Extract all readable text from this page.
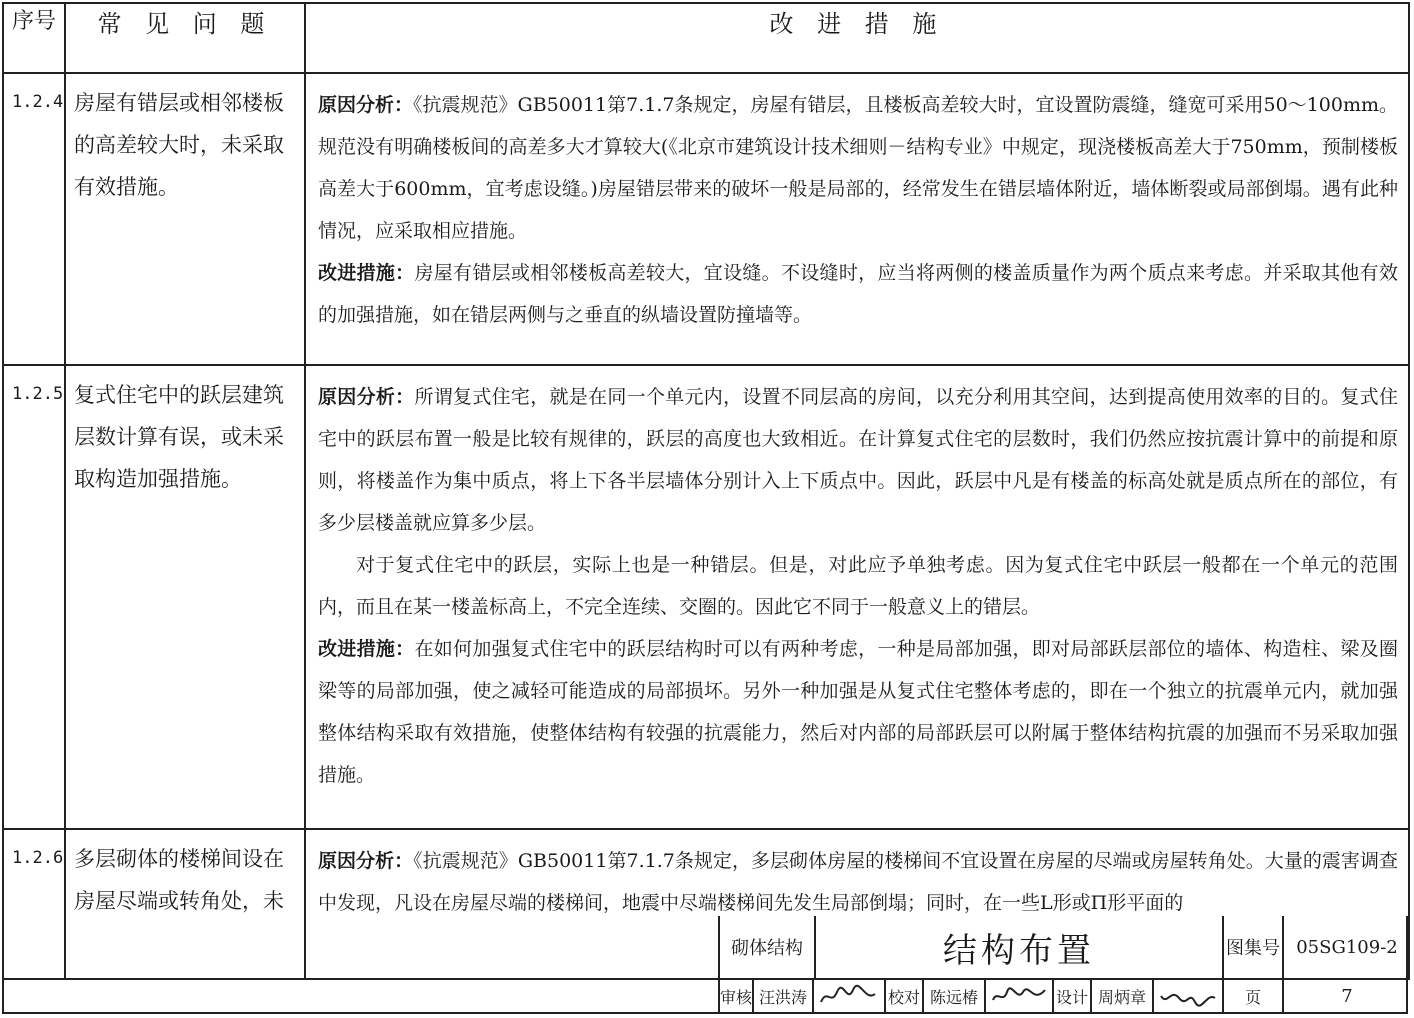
序号	常 见 问 题	改 进 措 施
1.2.4	房屋有错层或相邻楼板的高差较大时，未采取有效措施。	原因分析：《抗震规范》GB50011第7.1.7条规定，房屋有错层，且楼板高差较大时，宜设置防震缝，缝宽可采用50～100mm。规范没有明确楼板间的高差多大才算较大(《北京市建筑设计技术细则－结构专业》中规定，现浇楼板高差大于750mm，预制楼板高差大于600mm，宜考虑设缝。)房屋错层带来的破坏一般是局部的，经常发生在错层墙体附近，墙体断裂或局部倒塌。遇有此种情况，应采取相应措施。

改进措施：房屋有错层或相邻楼板高差较大，宜设缝。不设缝时，应当将两侧的楼盖质量作为两个质点来考虑。并采取其他有效的加强措施，如在错层两侧与之垂直的纵墙设置防撞墙等。

1.2.5	复式住宅中的跃层建筑层数计算有误，或未采取构造加强措施。	原因分析：所谓复式住宅，就是在同一个单元内，设置不同层高的房间，以充分利用其空间，达到提高使用效率的目的。复式住宅中的跃层布置一般是比较有规律的，跃层的高度也大致相近。在计算复式住宅的层数时，我们仍然应按抗震计算中的前提和原则，将楼盖作为集中质点，将上下各半层墙体分别计入上下质点中。因此，跃层中凡是有楼盖的标高处就是质点所在的部位，有多少层楼盖就应算多少层。

对于复式住宅中的跃层，实际上也是一种错层。但是，对此应予单独考虑。因为复式住宅中跃层一般都在一个单元的范围内，而且在某一楼盖标高上，不完全连续、交圈的。因此它不同于一般意义上的错层。

改进措施：在如何加强复式住宅中的跃层结构时可以有两种考虑，一种是局部加强，即对局部跃层部位的墙体、构造柱、梁及圈梁等的局部加强，使之减轻可能造成的局部损坏。另外一种加强是从复式住宅整体考虑的，即在一个独立的抗震单元内，就加强整体结构采取有效措施，使整体结构有较强的抗震能力，然后对内部的局部跃层可以附属于整体结构抗震的加强而不另采取加强措施。

1.2.6	多层砌体的楼梯间设在房屋尽端或转角处，未	原因分析：《抗震规范》GB50011第7.1.7条规定，多层砌体房屋的楼梯间不宜设置在房屋的尽端或房屋转角处。大量的震害调查中发现，凡设在房屋尽端的楼梯间，地震中尽端楼梯间先发生局部倒塌；同时，在一些L形或Π形平面的

砌体结构	结构布置	图集号 05SG109-2
审核 汪洪涛	校对 陈远椿	设计 周炳章	页	7
